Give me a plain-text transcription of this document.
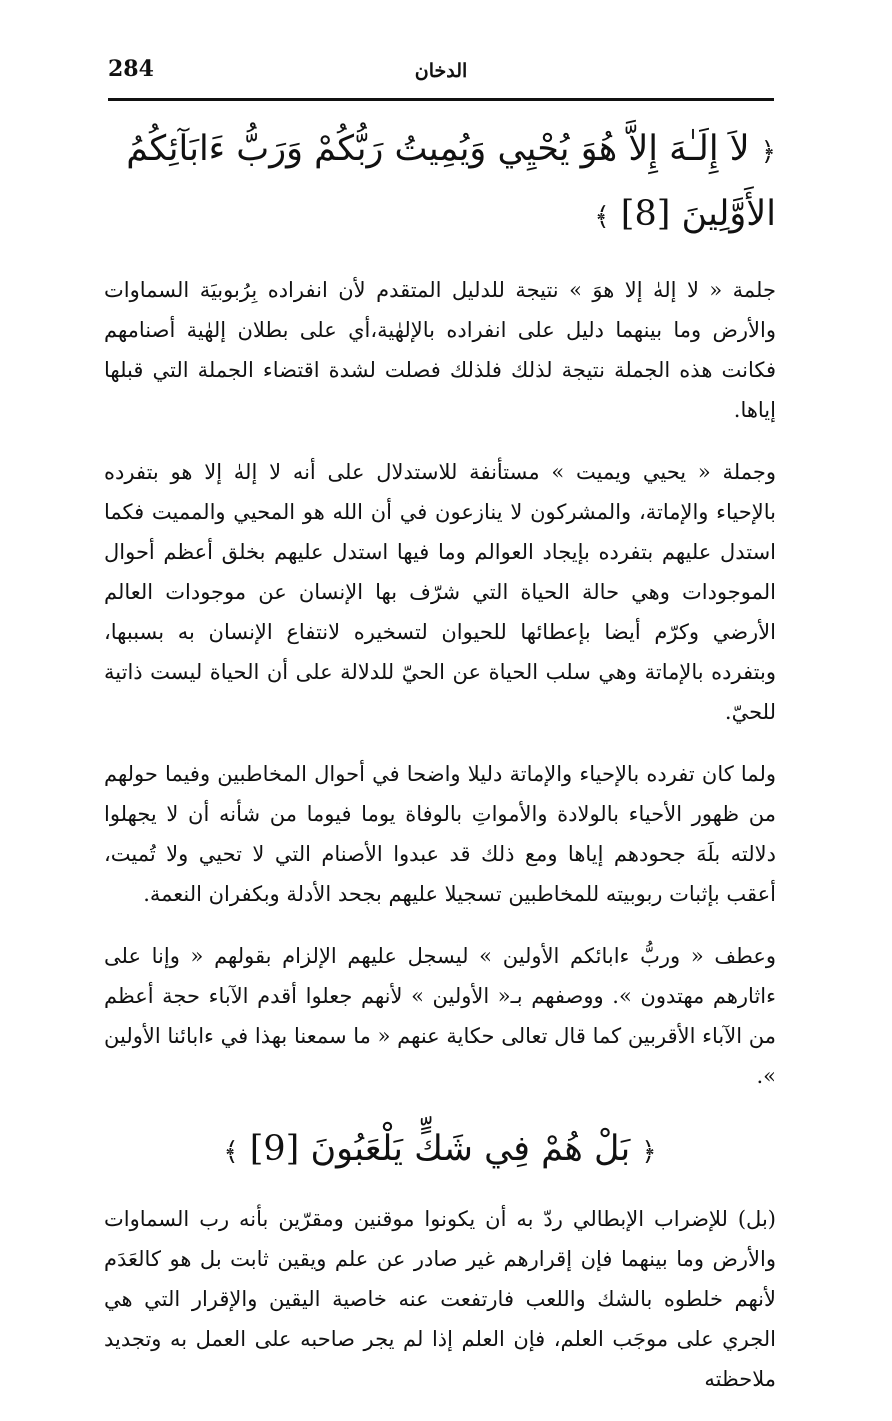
284	الدخان

﴿ لاَ إِلَـٰهَ إِلاَّ هُوَ يُحْيِي وَيُمِيتُ رَبُّكُمْ وَرَبُّ ءَابَآئِكُمُ الأَوَّلِينَ [8] ﴾

جلمة « لا إلهٰ إلا هوَ » نتيجة للدليل المتقدم لأن انفراده بِرُبوبيَة السماوات والأرض وما بينهما دليل على انفراده بالإلهٰية،أي على بطلان إلهٰية أصنامهم فكانت هذه الجملة نتيجة لذلك فلذلك فصلت لشدة اقتضاء الجملة التي قبلها إياها.

وجملة « يحيي ويميت » مستأنفة للاستدلال على أنه لا إلهٰ إلا هو بتفرده بالإحياء والإماتة، والمشركون لا ينازعون في أن الله هو المحيي والمميت فكما استدل عليهم بتفرده بإيجاد العوالم وما فيها استدل عليهم بخلق أعظم أحوال الموجودات وهي حالة الحياة التي شرّف بها الإنسان عن موجودات العالم الأرضي وكرّم أيضا بإعطائها للحيوان لتسخيره لانتفاع الإنسان به بسببها، وبتفرده بالإماتة وهي سلب الحياة عن الحيّ للدلالة على أن الحياة ليست ذاتية للحيّ.

ولما كان تفرده بالإحياء والإماتة دليلا واضحا في أحوال المخاطبين وفيما حولهم من ظهور الأحياء بالولادة والأمواتِ بالوفاة يوما فيوما من شأنه أن لا يجهلوا دلالته بلَهَ جحودهم إياها ومع ذلك قد عبدوا الأصنام التي لا تحيي ولا تُميت، أعقب بإثبات ربوبيته للمخاطبين تسجيلا عليهم بجحد الأدلة وبكفران النعمة.

وعطف « وربُّ ءابائكم الأولين » ليسجل عليهم الإلزام بقولهم « وإنا على ءاثارهم مهتدون ». ووصفهم بـ« الأولين » لأنهم جعلوا أقدم الآباء حجة أعظم من الآباء الأقربين كما قال تعالى حكاية عنهم « ما سمعنا بهذا في ءابائنا الأولين ».

﴿ بَلْ هُمْ فِي شَكٍّ يَلْعَبُونَ [9] ﴾

(بل) للإضراب الإبطالي ردّ به أن يكونوا موقنين ومقرّين بأنه رب السماوات والأرض وما بينهما فإن إقرارهم غير صادر عن علم ويقين ثابت بل هو كالعَدَم لأنهم خلطوه بالشك واللعب فارتفعت عنه خاصية اليقين والإقرار التي هي الجري على موجَب العلم، فإن العلم إذا لم يجر صاحبه على العمل به وتجديد ملاحظته
